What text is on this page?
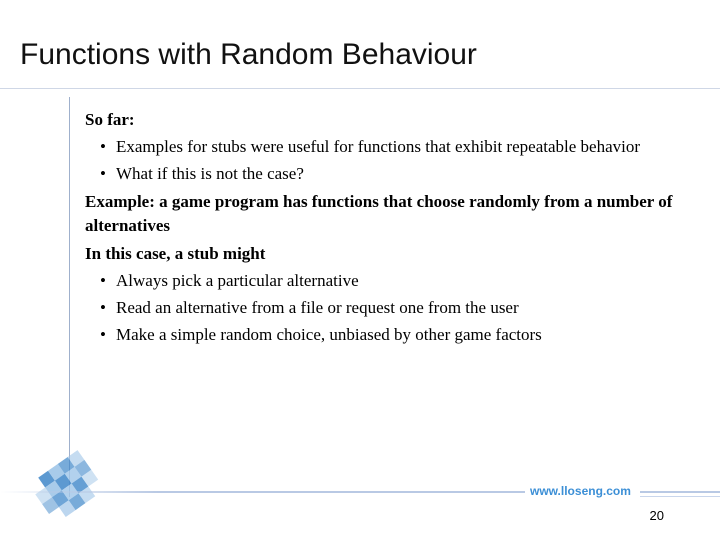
Functions with Random Behaviour

So far:

• Examples for stubs were useful for functions that exhibit repeatable behavior
• What if this is not the case?

Example: a game program has functions that choose randomly from a number of alternatives

In this case, a stub might

• Always pick a particular alternative
• Read an alternative from a file or request one from the user
• Make a simple random choice, unbiased by other game factors
www.lloseng.com
20
